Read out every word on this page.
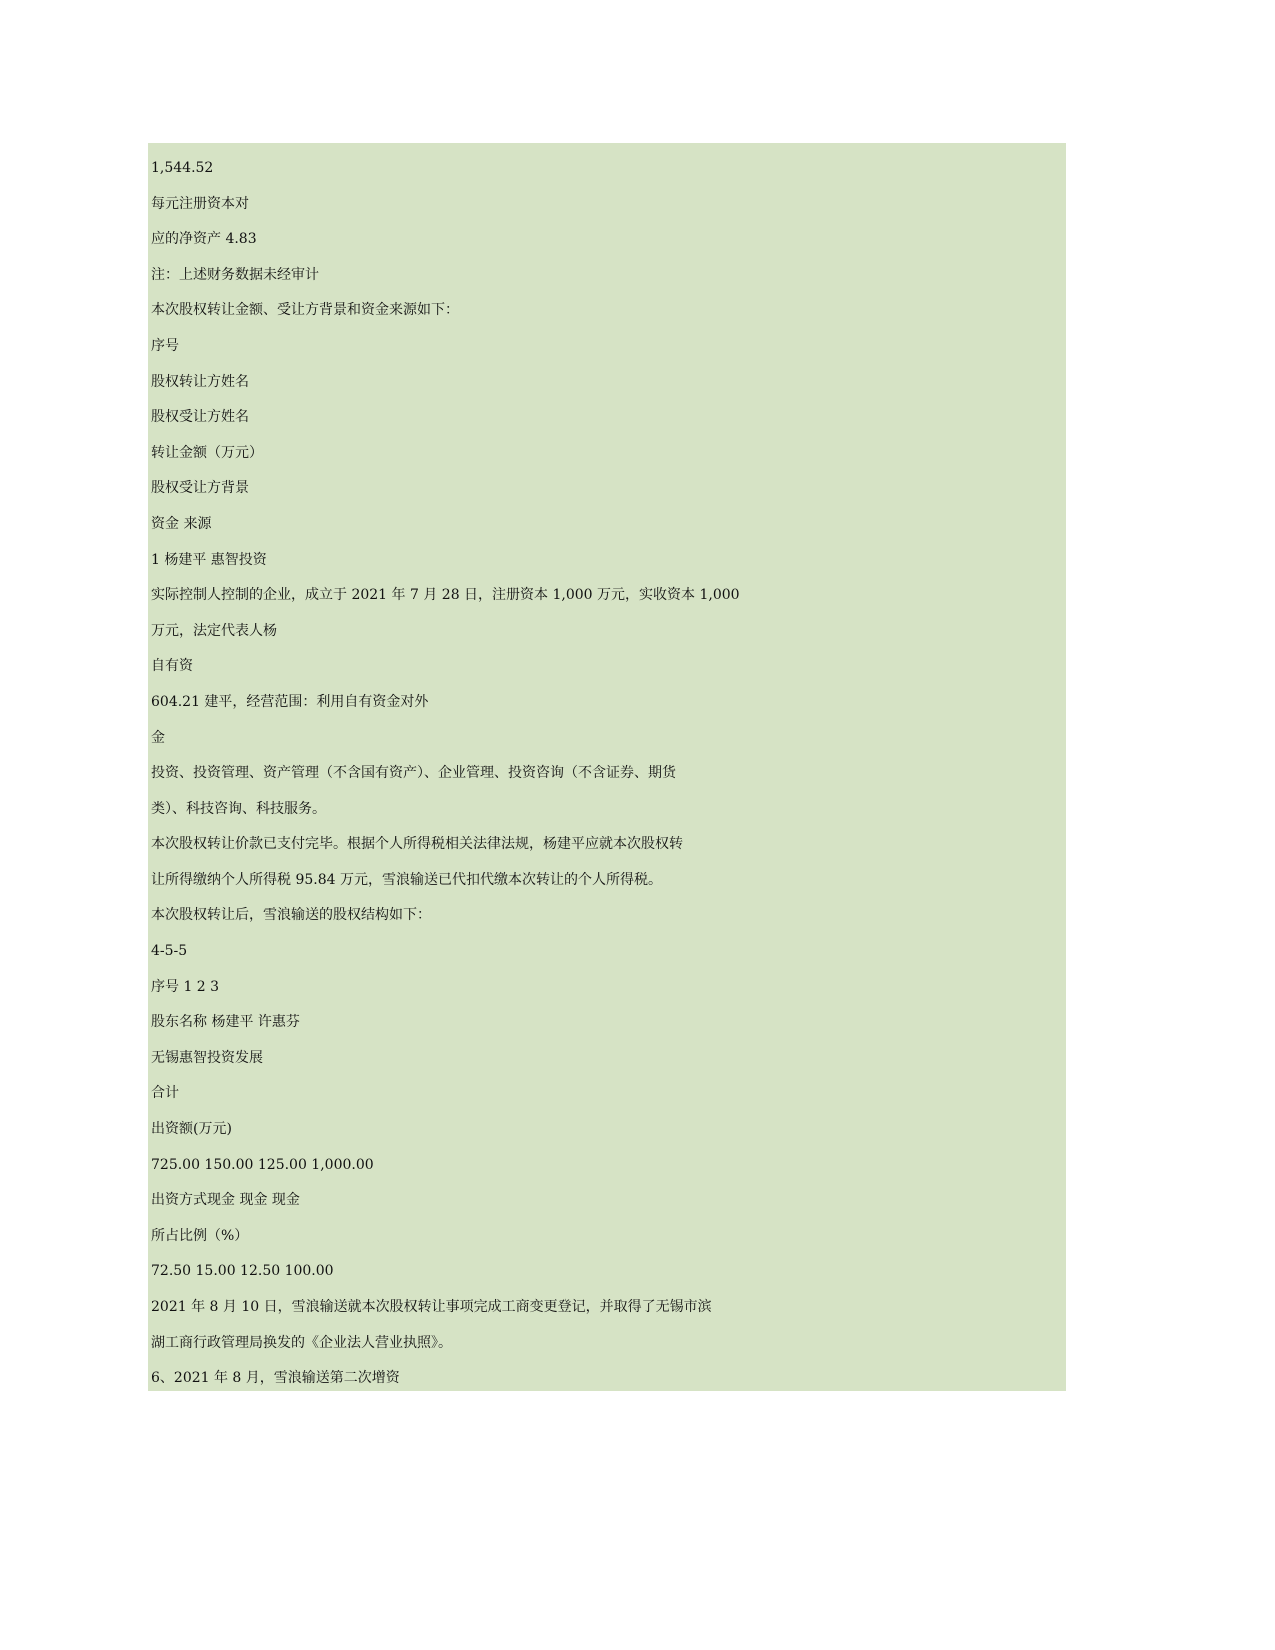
1,544.52
每元注册资本对
应的净资产 4.83
注：上述财务数据未经审计
本次股权转让金额、受让方背景和资金来源如下：
序号
股权转让方姓名
股权受让方姓名
转让金额（万元）
股权受让方背景
资金 来源
1 杨建平 惠智投资
实际控制人控制的企业，成立于 2021 年 7 月 28 日，注册资本 1,000 万元，实收资本 1,000
万元，法定代表人杨
自有资
604.21 建平，经营范围：利用自有资金对外
金
投资、投资管理、资产管理（不含国有资产）、企业管理、投资咨询（不含证券、期货
类）、科技咨询、科技服务。
本次股权转让价款已支付完毕。根据个人所得税相关法律法规，杨建平应就本次股权转
让所得缴纳个人所得税 95.84 万元，雪浪输送已代扣代缴本次转让的个人所得税。
本次股权转让后，雪浪输送的股权结构如下：
4-5-5
序号 1 2 3
股东名称 杨建平 许惠芬
无锡惠智投资发展
合计
出资额(万元)
725.00 150.00 125.00 1,000.00
出资方式现金 现金 现金
所占比例（%）
72.50 15.00 12.50 100.00
2021 年 8 月 10 日，雪浪输送就本次股权转让事项完成工商变更登记，并取得了无锡市滨
湖工商行政管理局换发的《企业法人营业执照》。
6、2021 年 8 月，雪浪输送第二次增资
